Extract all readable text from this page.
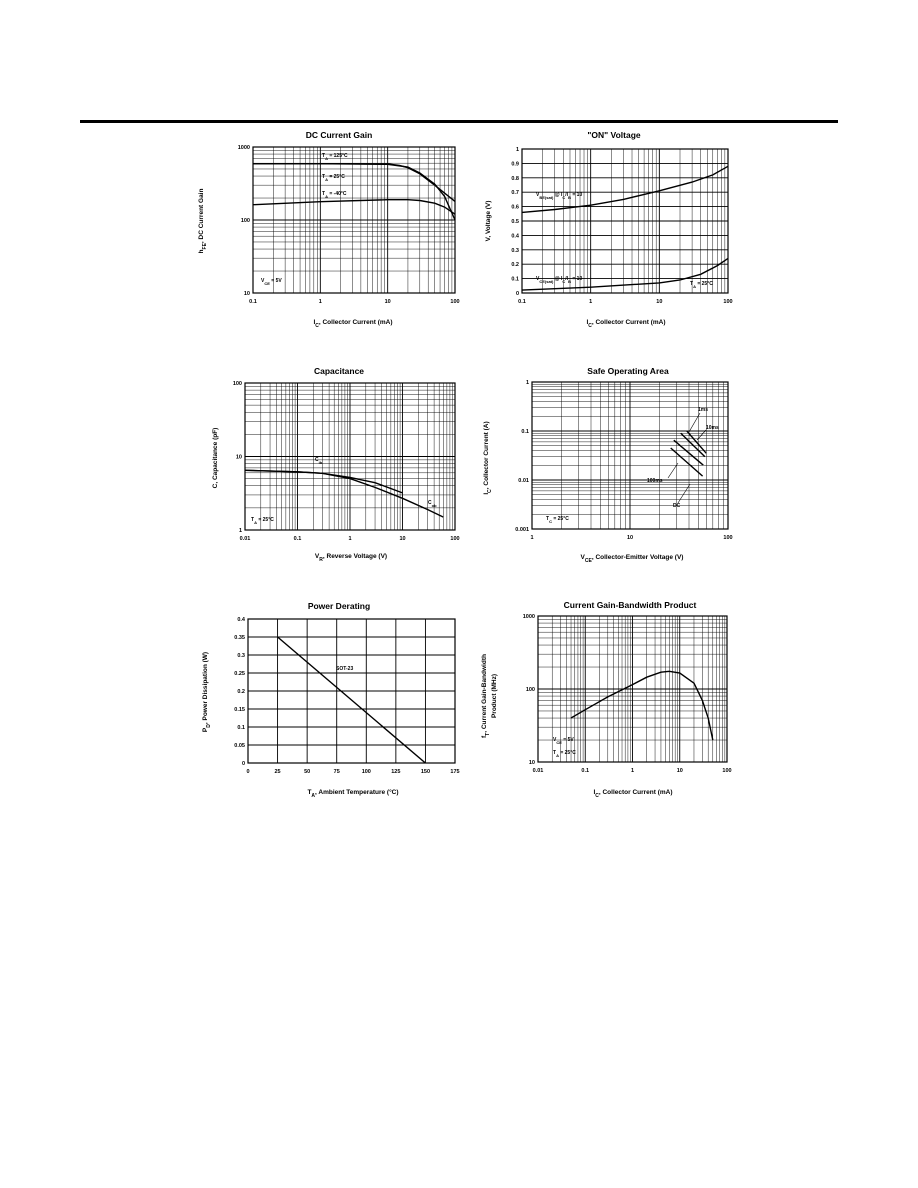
DC Current Gain
0.1	1	10	100
10
100
1000
$T_A = 125^\circ C$
$T_A = 25^\circ C$
$T_A = -40^\circ C$
$V_{CE} = 5V$
$I_C$, Collector Current (mA)
$h_{FE}$, DC Current Gain
"ON" Voltage
0.1	1	10	100
0
0.1
0.2
0.3
0.4
0.5
0.6
0.7
0.8
0.9
1
$V_{BE(sat)}$ @ $I_C/I_B = 10$
$V_{CE(sat)}$ @ $I_C/I_B = 10$
$T_A = 25^\circ C$
$I_C$, Collector Current (mA)
V, Voltage (V)
Capacitance
0.01	0.1	1	10	100
1
10
100
$C_{ib}$
$C_{ob}$
$T_A = 25^\circ C$
$V_R$, Reverse Voltage (V)
C, Capacitance (pF)
Safe Operating Area
1	10	100
0.001
0.01
0.1
1
1ms
10ms
100ms
DC
$T_C = 25^\circ C$
$V_{CE}$, Collector-Emitter Voltage (V)
$I_C$, Collector Current (A)
Power Derating
0	25	50	75	100	125	150	175
0
0.05
0.1
0.15
0.2
0.25
0.3
0.35
0.4
SOT-23
$T_A$, Ambient Temperature (°C)
$P_D$, Power Dissipation (W)
Current Gain-Bandwidth Product
0.01	0.1	1	10	100
10
100
1000
$V_{CE} = 5V$
$T_A = 25^\circ C$
$I_C$, Collector Current (mA)
$f_T$, Current Gain-Bandwidth Product (MHz)
